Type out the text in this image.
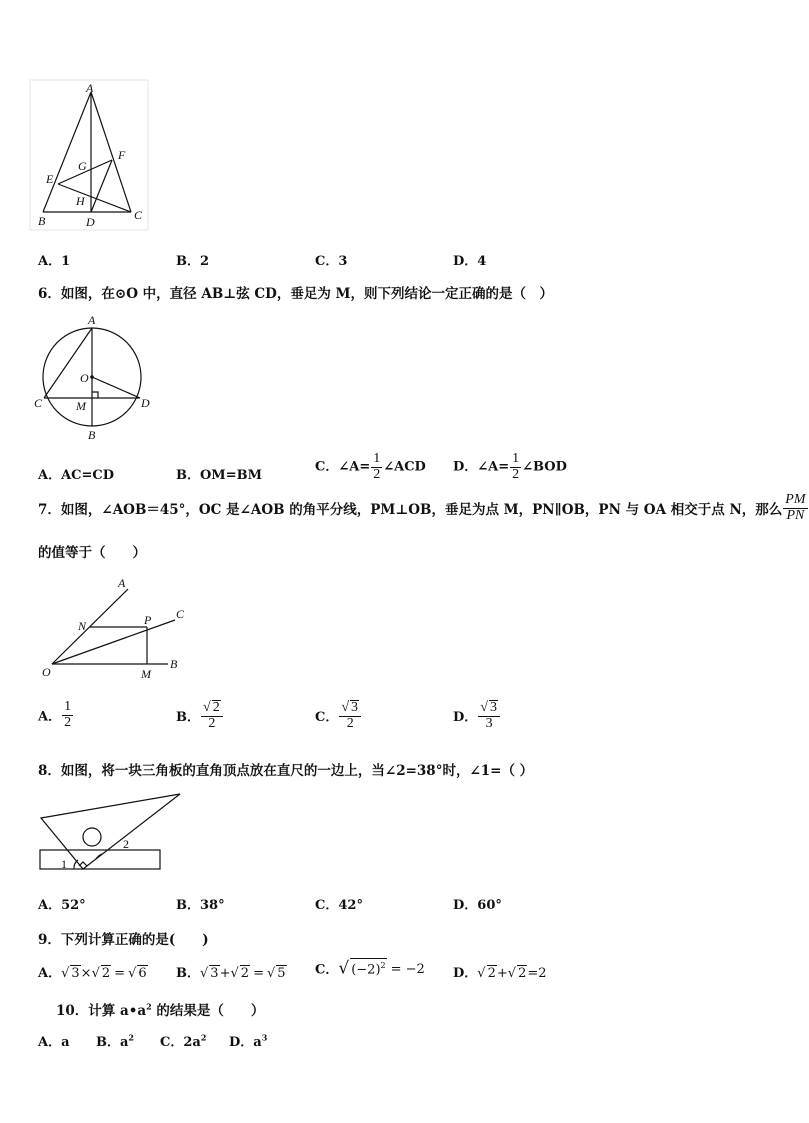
A
G
F
E
H
B	D	C
A．1	B．2	C．3	D．4
6．如图，在⊙O 中，直径 AB⊥弦 CD，垂足为 M，则下列结论一定正确的是（　）
A
O
C	M	D
B
A．AC=CD	B．OM=BM
C．∠A= $\frac{1}{2}$ ∠ACD D．∠A= $\frac{1}{2}$ ∠BOD
7．如图，∠AOB＝45°，OC 是∠AOB 的角平分线，PM⊥OB，垂足为点 M，PN∥OB，PN 与 OA 相交于点 N，那么 $\frac{PM}{PN}$
的值等于（　　）
A
C
N	P
O	M
B
A． $\frac{1}{2}$	B． $\frac{√ 2}{2}$	C． $\frac{√ 3}{2}$	D． $\frac{√ 3}{3}$
8．如图，将一块三角板的直角顶点放在直尺的一边上，当∠2=38°时，∠1=（ ）
2
1
A．52°	B．38°	C．42°	D．60°
9．下列计算正确的是(　　)
A．√ 3×√ 2 = √ 6 B．√ 3+√ 2 = √ 5 C．√ $(-2)^2 = -2$ D．√ 2+√ 2=2
10．计算 $a•a^2$ 的结果是（　　）
A．a B．$a^2$ C．$2a^2$ D．$a^3$
